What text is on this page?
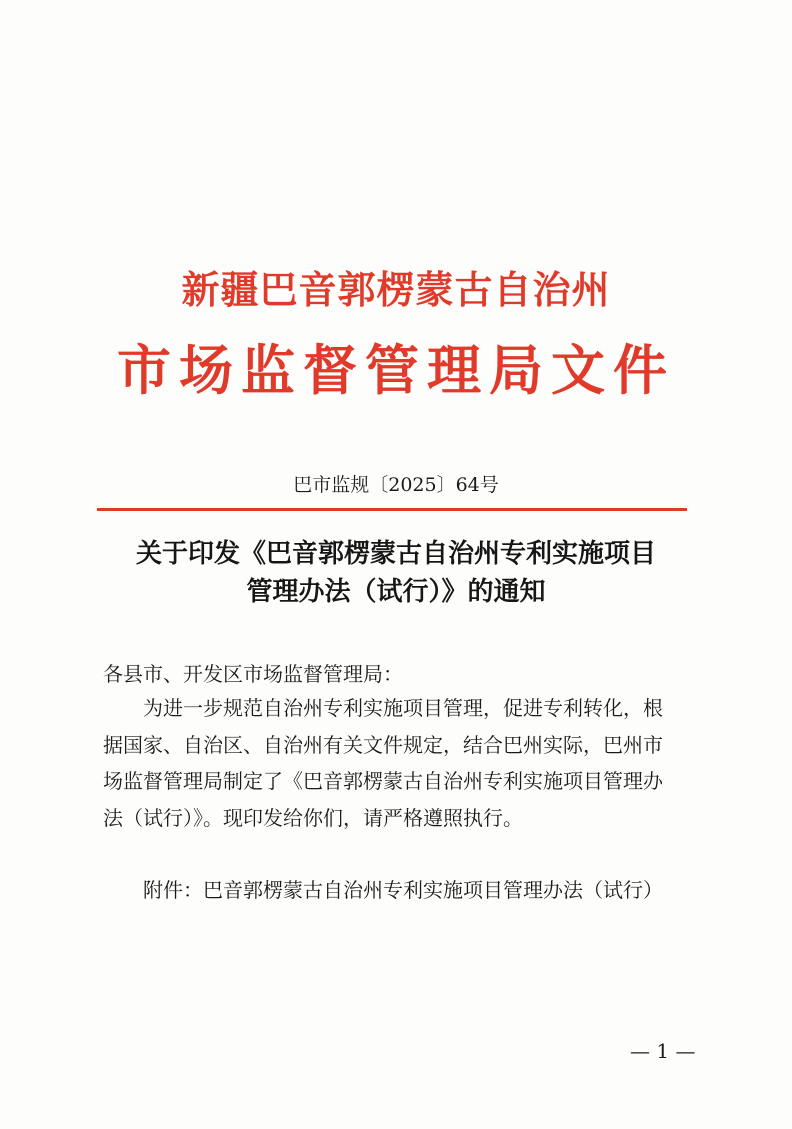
新疆巴音郭楞蒙古自治州
市场监督管理局文件
巴市监规〔2025〕64号
关于印发《巴音郭楞蒙古自治州专利实施项目
管理办法（试行）》的通知
各县市、开发区市场监督管理局：
为进一步规范自治州专利实施项目管理，促进专利转化，根
据国家、自治区、自治州有关文件规定，结合巴州实际，巴州市
场监督管理局制定了《巴音郭楞蒙古自治州专利实施项目管理办
法（试行）》。现印发给你们，请严格遵照执行。
附件：巴音郭楞蒙古自治州专利实施项目管理办法（试行）
— 1 —
